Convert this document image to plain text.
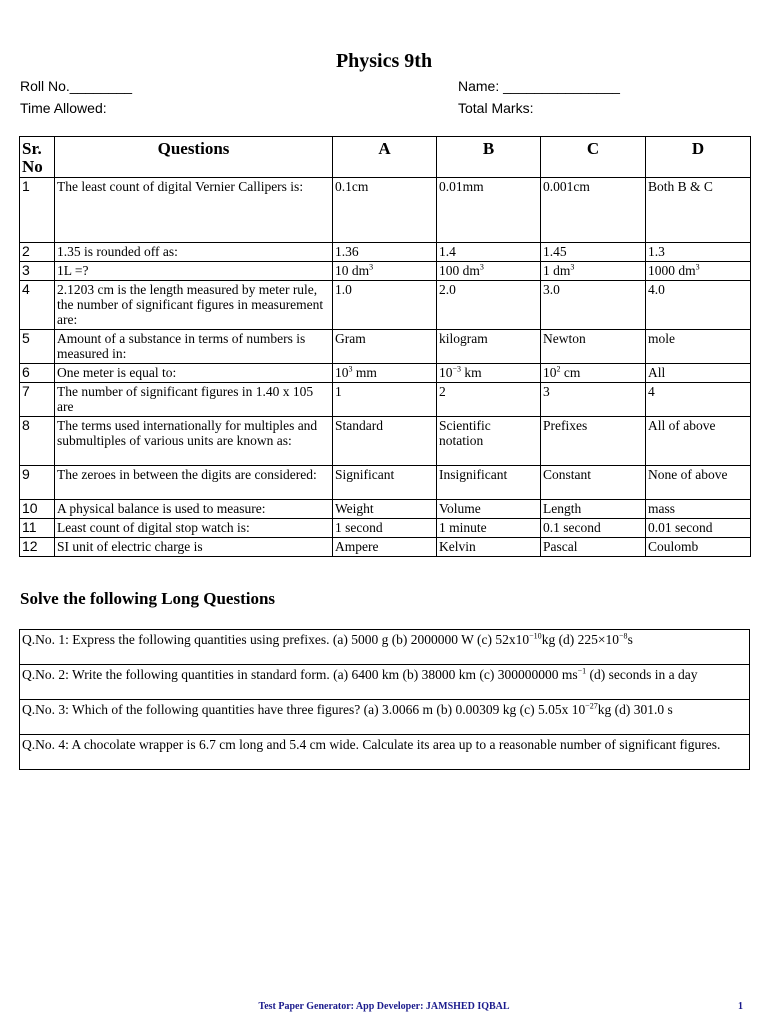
Physics 9th
Roll No.________
Time Allowed:
Name: _______________
Total Marks:
Sr. No	Questions	A	B	C	D
1	The least count of digital Vernier Callipers is:	0.1cm	0.01mm	0.001cm	Both B & C
2	1.35 is rounded off as:	1.36	1.4	1.45	1.3
3	1L =?	10 $dm^3$	100 $dm^3$	1 $dm^3$	1000 $dm^3$
4	2.1203 cm is the length measured by meter rule, the number of significant figures in measurement are:	1.0	2.0	3.0	4.0
5	Amount of a substance in terms of numbers is measured in:	Gram	kilogram	Newton	mole
6	One meter is equal to:	$10^3$ mm	$10^{-3}$ km	$10^2$ cm	All
7	The number of significant figures in 1.40 x 105 are	1	2	3	4
8	The terms used internationally for multiples and submultiples of various units are known as:	Standard	Scientific notation	Prefixes	All of above
9	The zeroes in between the digits are considered:	Significant	Insignificant	Constant	None of above
10	A physical balance is used to measure:	Weight	Volume	Length	mass
11	Least count of digital stop watch is:	1 second	1 minute	0.1 second	0.01 second
12	SI unit of electric charge is	Ampere	Kelvin	Pascal	Coulomb
Solve the following Long Questions
Q.No. 1: Express the following quantities using prefixes. (a) 5000 g (b) 2000000 W (c) $52x10^{-10}kg$ (d) $225\times 10^{-8}s$
Q.No. 2: Write the following quantities in standard form. (a) 6400 km (b) 38000 km (c) 300000000 $ms^{-1}$ (d) seconds in a day
Q.No. 3: Which of the following quantities have three figures? (a) 3.0066 m (b) 0.00309 kg (c) 5.05x $10^{-27}kg$ (d) 301.0 s
Q.No. 4: A chocolate wrapper is 6.7 cm long and 5.4 cm wide. Calculate its area up to a reasonable number of significant figures.
Test Paper Generator: App Developer: JAMSHED IQBAL	1
